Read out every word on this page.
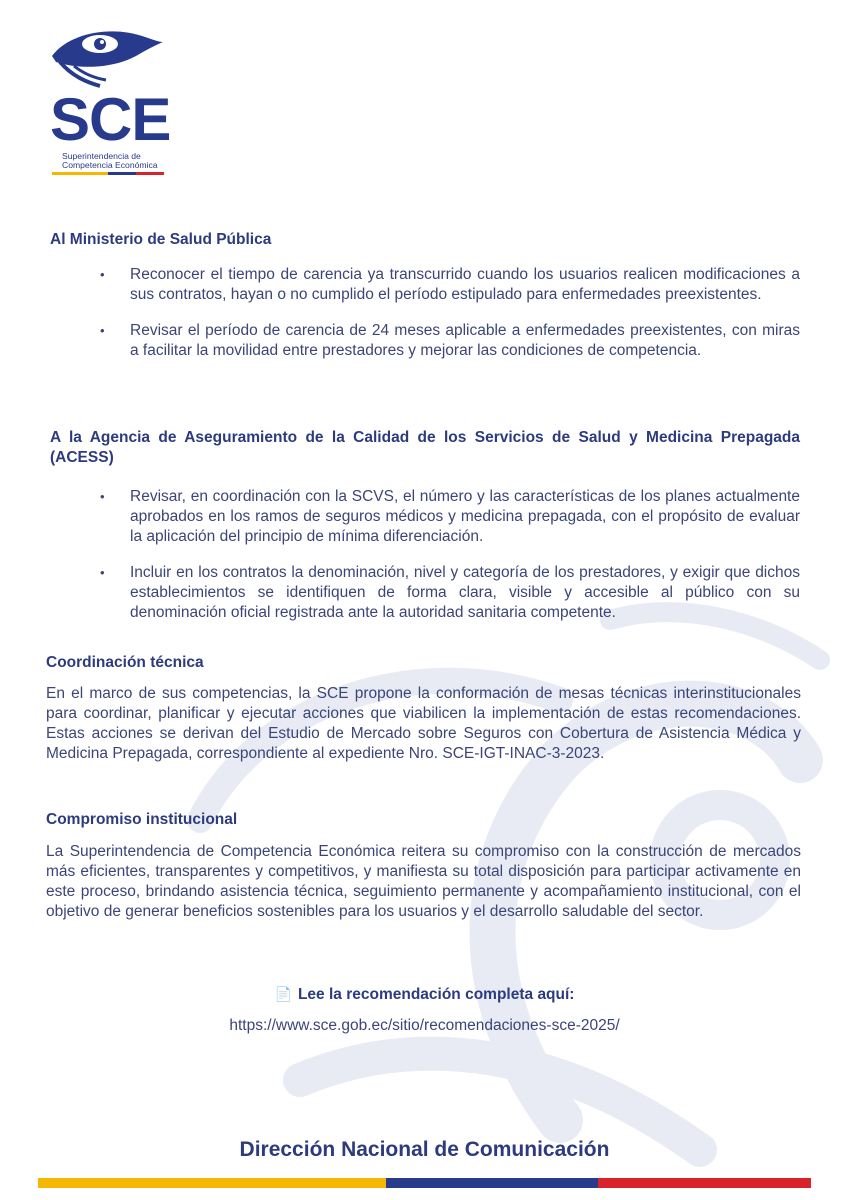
SCE
Superintendencia de
Competencia Económica
Al Ministerio de Salud Pública
• Reconocer el tiempo de carencia ya transcurrido cuando los usuarios realicen modificaciones a sus contratos, hayan o no cumplido el período estipulado para enfermedades preexistentes.
• Revisar el período de carencia de 24 meses aplicable a enfermedades preexistentes, con miras a facilitar la movilidad entre prestadores y mejorar las condiciones de competencia.
A la Agencia de Aseguramiento de la Calidad de los Servicios de Salud y Medicina Prepagada (ACESS)
• Revisar, en coordinación con la SCVS, el número y las características de los planes actualmente aprobados en los ramos de seguros médicos y medicina prepagada, con el propósito de evaluar la aplicación del principio de mínima diferenciación.
• Incluir en los contratos la denominación, nivel y categoría de los prestadores, y exigir que dichos establecimientos se identifiquen de forma clara, visible y accesible al público con su denominación oficial registrada ante la autoridad sanitaria competente.
Coordinación técnica
En el marco de sus competencias, la SCE propone la conformación de mesas técnicas interinstitucionales para coordinar, planificar y ejecutar acciones que viabilicen la implementación de estas recomendaciones. Estas acciones se derivan del Estudio de Mercado sobre Seguros con Cobertura de Asistencia Médica y Medicina Prepagada, correspondiente al expediente Nro. SCE-IGT-INAC-3-2023.
Compromiso institucional
La Superintendencia de Competencia Económica reitera su compromiso con la construcción de mercados más eficientes, transparentes y competitivos, y manifiesta su total disposición para participar activamente en este proceso, brindando asistencia técnica, seguimiento permanente y acompañamiento institucional, con el objetivo de generar beneficios sostenibles para los usuarios y el desarrollo saludable del sector.
📄 Lee la recomendación completa aquí:
https://www.sce.gob.ec/sitio/recomendaciones-sce-2025/
Dirección Nacional de Comunicación
